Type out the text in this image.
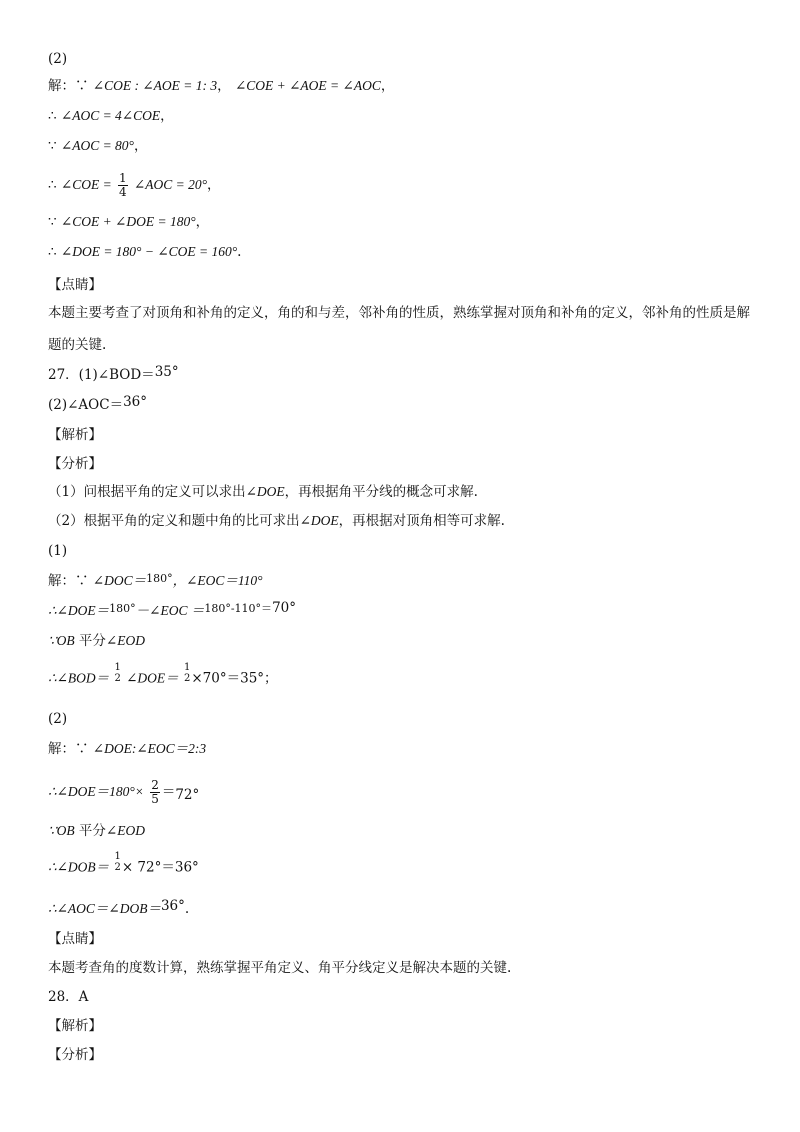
(2)
解：∵ ∠COE : ∠AOE = 1: 3， ∠COE + ∠AOE = ∠AOC，
∴ ∠AOC = 4∠COE，
∵ ∠AOC = 80°，
∴ ∠COE = $\frac{1}{4}$ ∠AOC = 20°，
∵ ∠COE + ∠DOE = 180°，
∴ ∠DOE = 180° − ∠COE = 160°.
【点睛】
本题主要考查了对顶角和补角的定义，角的和与差，邻补角的性质，熟练掌握对顶角和补角的定义，邻补角的性质是解题的关键.
27．(1)∠BOD＝35°
(2)∠AOC＝36°
【解析】
【分析】
（1）问根据平角的定义可以求出∠DOE，再根据角平分线的概念可求解.
（2）根据平角的定义和题中角的比可求出∠DOE，再根据对顶角相等可求解.
(1)
解：∵ ∠DOC＝$^{180^\circ}$，∠EOC＝110°
∴∠DOE＝$^{180^\circ}$－∠EOC ＝$^{180^\circ-110^\circ=}$70°
∵OB 平分∠EOD
∴∠BOD＝
1
2 ∠DOE＝
1
2 ×70°＝35°；
(2)
解：∵ ∠DOE:∠EOC＝2:3
∴∠DOE＝180°× $\frac{2}{5} =72^\circ$
∵OB 平分∠EOD
∴∠DOB＝
1
2 × 72°＝36°
∴∠AOC＝∠DOB＝36°.
【点睛】
本题考查角的度数计算，熟练掌握平角定义、角平分线定义是解决本题的关键.
28．A
【解析】
【分析】
